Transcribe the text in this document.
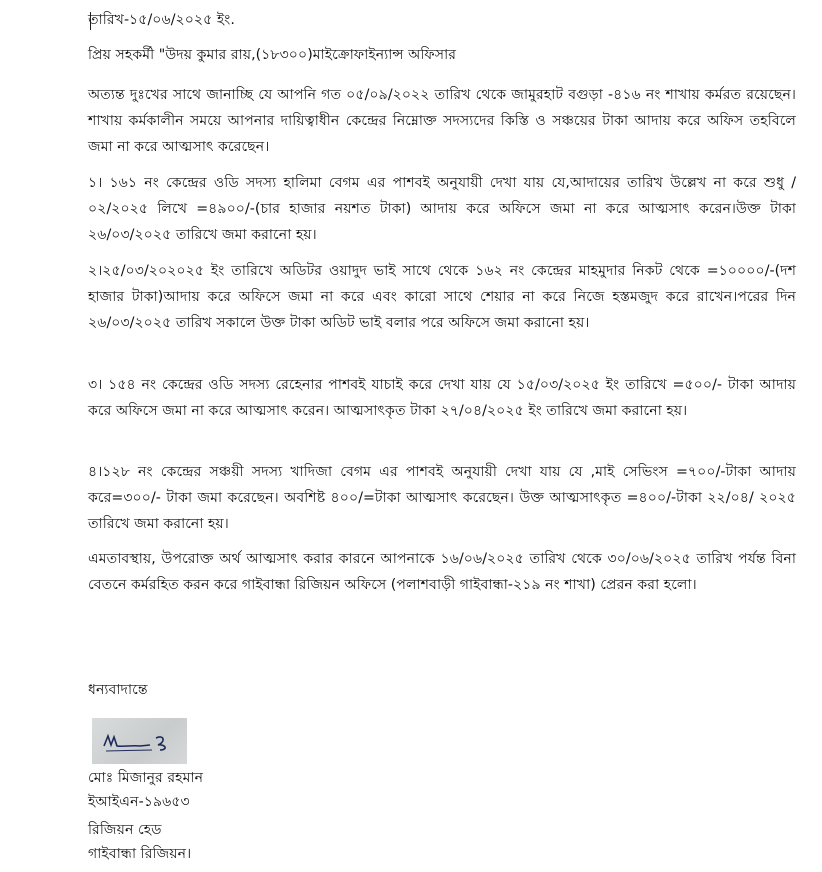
তারিখ-১৫/০৬/২০২৫ ইং.
প্রিয় সহকর্মী "উদয় কুমার রায়,(১৮৩০০)মাইক্রোফাইন্যান্স অফিসার
অত্যন্ত দুঃখের সাথে জানাচ্ছি যে আপনি গত ০৫/০৯/২০২২ তারিখ থেকে জামুরহাট বগুড়া -৪১৬ নং শাখায় কর্মরত রয়েছেন। শাখায় কর্মকালীন সময়ে আপনার দায়িত্বাধীন কেন্দ্রের নিম্নোক্ত সদস্যদের কিস্তি ও সঞ্চয়ের টাকা আদায় করে অফিস তহবিলে জমা না করে আত্মসাৎ করেছেন।
১। ১৬১ নং কেন্দ্রের ওডি সদস্য হালিমা বেগম এর পাশবই অনুযায়ী দেখা যায় যে,আদায়ের তারিখ উল্লেখ না করে শুধু /০২/২০২৫ লিখে =৪৯০০/-(চার হাজার নয়শত টাকা) আদায় করে অফিসে জমা না করে আত্মসাৎ করেন।উক্ত টাকা ২৬/০৩/২০২৫ তারিখে জমা করানো হয়।
২।২৫/০৩/২০২০২৫ ইং তারিখে অডিটর ওয়াদুদ ভাই সাথে থেকে ১৬২ নং কেন্দ্রের মাহমুদার নিকট থেকে =১০০০০/-(দশ হাজার টাকা)আদায় করে অফিসে জমা না করে এবং কারো সাথে শেয়ার না করে নিজে হস্তমজুদ করে রাখেন।পরের দিন ২৬/০৩/২০২৫ তারিখ সকালে উক্ত টাকা অডিট ভাই বলার পরে অফিসে জমা করানো হয়।
৩। ১৫৪ নং কেন্দ্রের ওডি সদস্য রেহেনার পাশবই যাচাই করে দেখা যায় যে ১৫/০৩/২০২৫ ইং তারিখে =৫০০/- টাকা আদায় করে অফিসে জমা না করে আত্মসাৎ করেন। আত্মসাৎকৃত টাকা ২৭/০৪/২০২৫ ইং তারিখে জমা করানো হয়।
৪।১২৮ নং কেন্দ্রের সঞ্চয়ী সদস্য খাদিজা বেগম এর পাশবই অনুযায়ী দেখা যায় যে ,মাই সেভিংস =৭০০/-টাকা আদায় করে=৩০০/- টাকা জমা করেছেন। অবশিষ্ট ৪০০/=টাকা আত্মসাৎ করেছেন। উক্ত আত্মসাৎকৃত =৪০০/-টাকা ২২/০৪/ ২০২৫ তারিখে জমা করানো হয়।
এমতাবস্থায়, উপরোক্ত অর্থ আত্মসাৎ করার কারনে আপনাকে ১৬/০৬/২০২৫ তারিখ থেকে ৩০/০৬/২০২৫ তারিখ পর্যন্ত বিনা বেতনে কর্মরহিত করন করে গাইবান্ধা রিজিয়ন অফিসে (পলাশবাড়ী গাইবান্ধা-২১৯ নং শাখা) প্রেরন করা হলো।
ধন্যবাদান্তে
মোঃ মিজানুর রহমান
ইআইএন-১৯৬৫৩
রিজিয়ন হেড
গাইবান্ধা রিজিয়ন।
